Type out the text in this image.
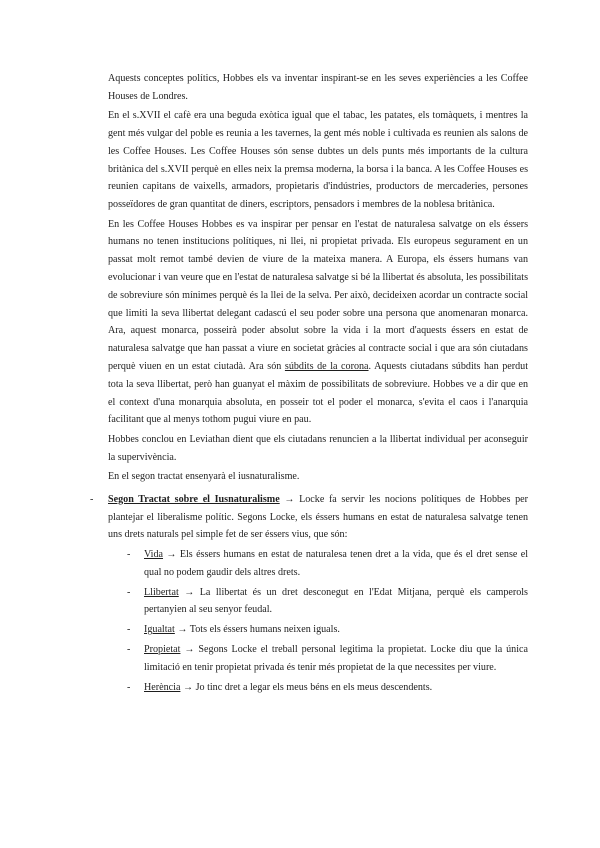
Aquests conceptes polítics, Hobbes els va inventar inspirant-se en les seves experiències a les Coffee Houses de Londres.

En el s.XVII el cafè era una beguda exòtica igual que el tabac, les patates, els tomàquets, i mentres la gent més vulgar del poble es reunia a les tavernes, la gent més noble i cultivada es reunien als salons de les Coffee Houses. Les Coffee Houses són sense dubtes un dels punts més importants de la cultura britànica del s.XVII perquè en elles neix la premsa moderna, la borsa i la banca. A les Coffee Houses es reunien capitans de vaixells, armadors, propietaris d'indústries, productors de mercaderies, persones posseïdores de gran quantitat de diners, escriptors, pensadors i membres de la noblesa britànica.

En les Coffee Houses Hobbes es va inspirar per pensar en l'estat de naturalesa salvatge on els éssers humans no tenen institucions polítiques, ni llei, ni propietat privada. Els europeus segurament en un passat molt remot també devien de viure de la mateixa manera. A Europa, els éssers humans van evolucionar i van veure que en l'estat de naturalesa salvatge si bé la llibertat és absoluta, les possibilitats de sobreviure són mínimes perquè és la llei de la selva. Per això, decideixen acordar un contracte social que limiti la seva llibertat delegant cadascú el seu poder sobre una persona que anomenaran monarca. Ara, aquest monarca, posseirà poder absolut sobre la vida i la mort d'aquests éssers en estat de naturalesa salvatge que han passat a viure en societat gràcies al contracte social i que ara són ciutadans perquè viuen en un estat ciutadà. Ara són súbdits de la corona. Aquests ciutadans súbdits han perdut tota la seva llibertat, però han guanyat el màxim de possibilitats de sobreviure. Hobbes ve a dir que en el context d'una monarquia absoluta, en posseir tot el poder el monarca, s'evita el caos i l'anarquia facilitant que al menys tothom pugui viure en pau.

Hobbes conclou en Leviathan dient que els ciutadans renuncien a la llibertat individual per aconseguir la supervivència.

En el segon tractat ensenyarà el iusnaturalisme.

- Segon Tractat sobre el Iusnaturalisme → Locke fa servir les nocions polítiques de Hobbes per plantejar el liberalisme polític. Segons Locke, els éssers humans en estat de naturalesa salvatge tenen uns drets naturals pel simple fet de ser éssers vius, que són:

- Vida → Els éssers humans en estat de naturalesa tenen dret a la vida, que és el dret sense el qual no podem gaudir dels altres drets.

- Llibertat → La llibertat és un dret desconegut en l'Edat Mitjana, perquè els camperols pertanyien al seu senyor feudal.

- Igualtat → Tots els éssers humans neixen iguals.

- Propietat → Segons Locke el treball personal legitima la propietat. Locke diu que la única limitació en tenir propietat privada és tenir més propietat de la que necessites per viure.

- Herència → Jo tinc dret a legar els meus béns en els meus descendents.
